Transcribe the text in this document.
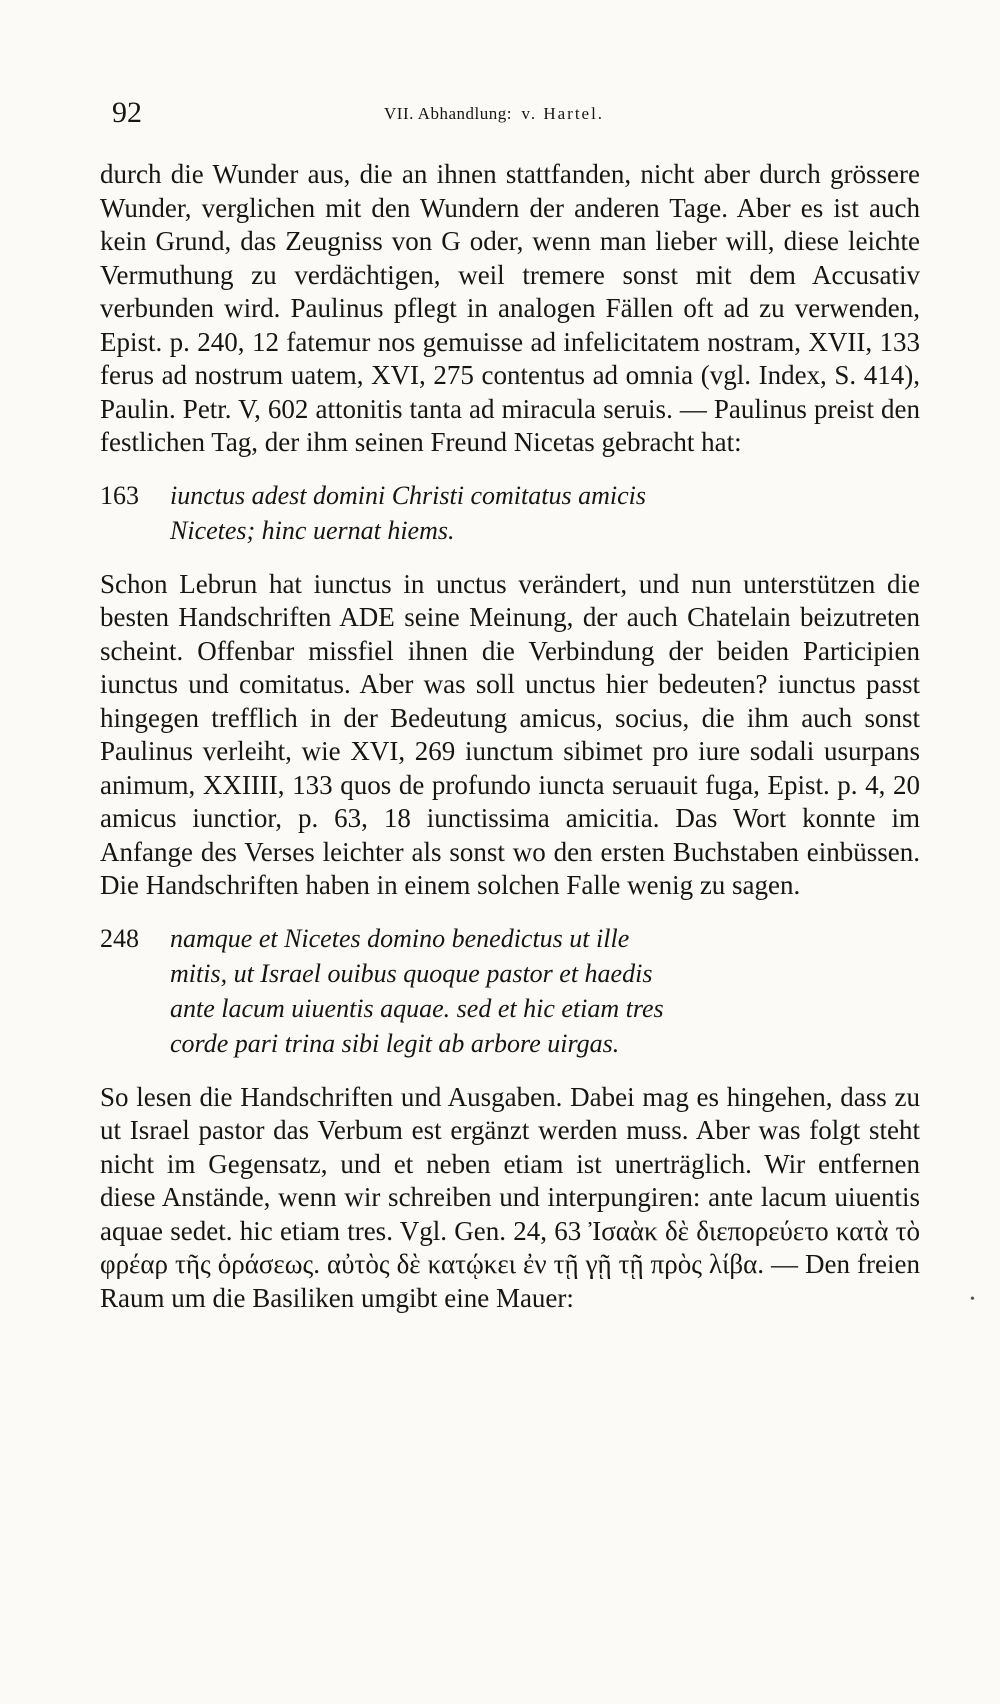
92	VII. Abhandlung: v. Hartel.

durch die Wunder aus, die an ihnen stattfanden, nicht aber durch grössere Wunder, verglichen mit den Wundern der anderen Tage. Aber es ist auch kein Grund, das Zeugniss von G oder, wenn man lieber will, diese leichte Vermuthung zu verdächtigen, weil tremere sonst mit dem Accusativ verbunden wird. Paulinus pflegt in analogen Fällen oft ad zu verwenden, Epist. p. 240, 12 fatemur nos gemuisse ad infelicitatem nostram, XVII, 133 ferus ad nostrum uatem, XVI, 275 contentus ad omnia (vgl. Index, S. 414), Paulin. Petr. V, 602 attonitis tanta ad miracula seruis. — Paulinus preist den festlichen Tag, der ihm seinen Freund Nicetas gebracht hat:

163	iunctus adest domini Christi comitatus amicis
Nicetes; hinc uernat hiems.

Schon Lebrun hat iunctus in unctus verändert, und nun unterstützen die besten Handschriften ADE seine Meinung, der auch Chatelain beizutreten scheint. Offenbar missfiel ihnen die Verbindung der beiden Participien iunctus und comitatus. Aber was soll unctus hier bedeuten? iunctus passt hingegen trefflich in der Bedeutung amicus, socius, die ihm auch sonst Paulinus verleiht, wie XVI, 269 iunctum sibimet pro iure sodali usurpans animum, XXIIII, 133 quos de profundo iuncta seruauit fuga, Epist. p. 4, 20 amicus iunctior, p. 63, 18 iunctissima amicitia. Das Wort konnte im Anfange des Verses leichter als sonst wo den ersten Buchstaben einbüssen. Die Handschriften haben in einem solchen Falle wenig zu sagen.

248	namque et Nicetes domino benedictus ut ille
mitis, ut Israel ouibus quoque pastor et haedis
ante lacum uiuentis aquae. sed et hic etiam tres
corde pari trina sibi legit ab arbore uirgas.

So lesen die Handschriften und Ausgaben. Dabei mag es hingehen, dass zu ut Israel pastor das Verbum est ergänzt werden muss. Aber was folgt steht nicht im Gegensatz, und et neben etiam ist unerträglich. Wir entfernen diese Anstände, wenn wir schreiben und interpungiren: ante lacum uiuentis aquae sedet. hic etiam tres. Vgl. Gen. 24, 63 Ἰσαὰκ δὲ διεπορεύετο κατὰ τὸ φρέαρ τῆς ὁράσεως. αὐτὸς δὲ κατῴκει ἐν τῇ γῇ τῇ πρὸς λίβα. — Den freien Raum um die Basiliken umgibt eine Mauer:	•
